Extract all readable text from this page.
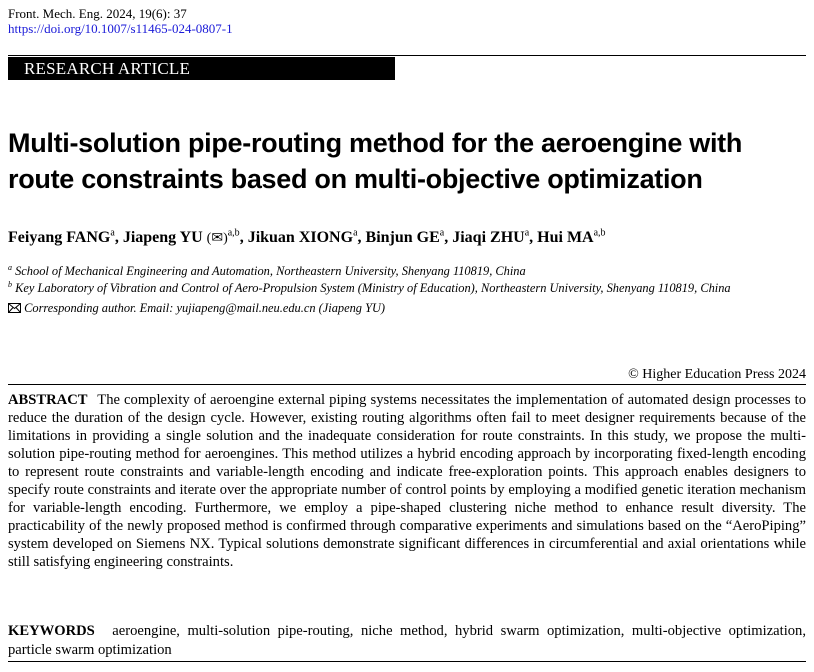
Front. Mech. Eng. 2024, 19(6): 37
https://doi.org/10.1007/s11465-024-0807-1
RESEARCH ARTICLE
Multi-solution pipe-routing method for the aeroengine with route constraints based on multi-objective optimization
Feiyang FANG$^a$, Jiapeng YU (✉)$^{a,b}$, Jikuan XIONG$^a$, Binjun $GE^a$, Jiaqi ZHU$^a$, Hui MA$^{a,b}$
$^a$ School of Mechanical Engineering and Automation, Northeastern University, Shenyang 110819, China
$^b$ Key Laboratory of Vibration and Control of Aero-Propulsion System (Ministry of Education), Northeastern University, Shenyang 110819, China
Corresponding author. Email: yujiapeng@mail.neu.edu.cn (Jiapeng YU)
© Higher Education Press 2024

ABSTRACT The complexity of aeroengine external piping systems necessitates the implementation of automated design processes to reduce the duration of the design cycle. However, existing routing algorithms often fail to meet designer requirements because of the limitations in providing a single solution and the inadequate consideration for route constraints. In this study, we propose the multi-solution pipe-routing method for aeroengines. This method utilizes a hybrid encoding approach by incorporating fixed-length encoding to represent route constraints and variable-length encoding and indicate free-exploration points. This approach enables designers to specify route constraints and iterate over the appropriate number of control points by employing a modified genetic iteration mechanism for variable-length encoding. Furthermore, we employ a pipe-shaped clustering niche method to enhance result diversity. The practicability of the newly proposed method is confirmed through comparative experiments and simulations based on the “AeroPiping” system developed on Siemens NX. Typical solutions demonstrate significant differences in circumferential and axial orientations while still satisfying engineering constraints.

KEYWORDS aeroengine, multi-solution pipe-routing, niche method, hybrid swarm optimization, multi-objective optimization, particle swarm optimization
